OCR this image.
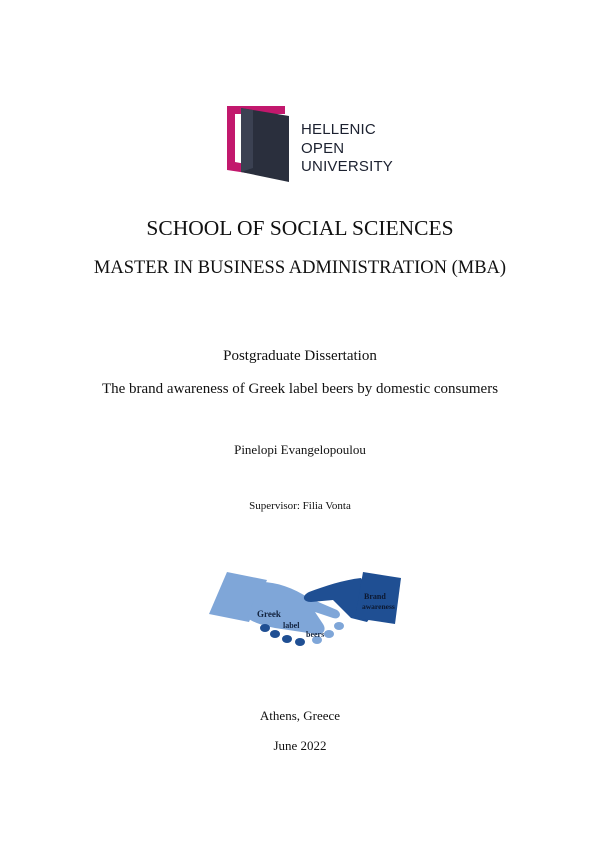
HELLENIC
OPEN
UNIVERSITY
SCHOOL OF SOCIAL SCIENCES
MASTER IN BUSINESS ADMINISTRATION (MBA)
Postgraduate Dissertation
The brand awareness of Greek label beers by domestic consumers
Pinelopi Evangelopoulou
Supervisor: Filia Vonta
Greek
label
beers
Brand
awareness
Athens, Greece
June 2022
